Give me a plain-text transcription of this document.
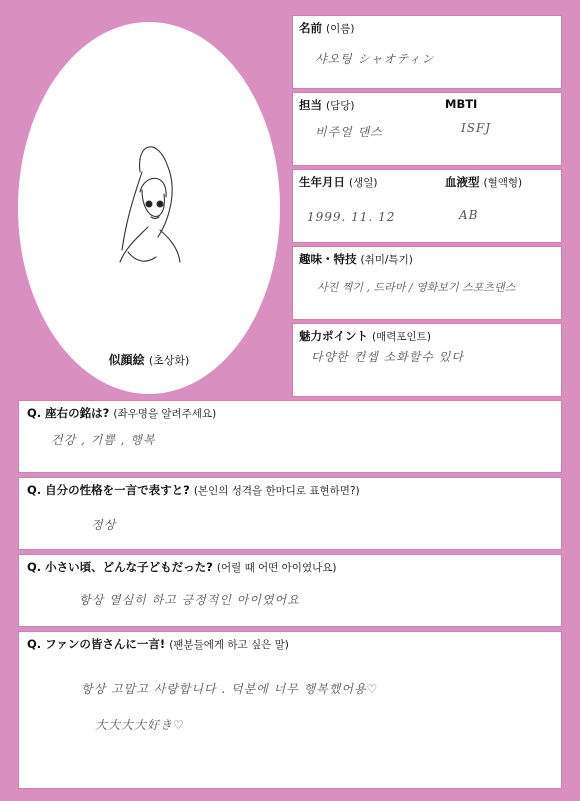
似顔絵 (초상화)
名前 (이름)
샤오팅 シャオティン
担当 (담당)	MBTI
비주얼 댄스	ISFJ
生年月日 (생일)	血液型 (혈액형)
1999. 11. 12	AB
趣味・特技 (취미/특기)
사진 찍기 , 드라마 / 영화보기 스포츠댄스
魅力ポイント (매력포인트)
다양한 컨셉 소화할수 있다
Q. 座右の銘は? (좌우명을 알려주세요)
건강 , 기쁨 , 행복
Q. 自分の性格を一言で表すと? (본인의 성격을 한마디로 표현하면?)
정상
Q. 小さい頃、どんな子どもだった? (어릴 때 어떤 아이였나요)
항상 열심히 하고 긍정적인 아이였어요
Q. ファンの皆さんに一言! (팬분들에게 하고 싶은 말)
항상 고맙고 사랑합니다 . 덕분에 너무 행복했어용♡
大大大大好き♡
